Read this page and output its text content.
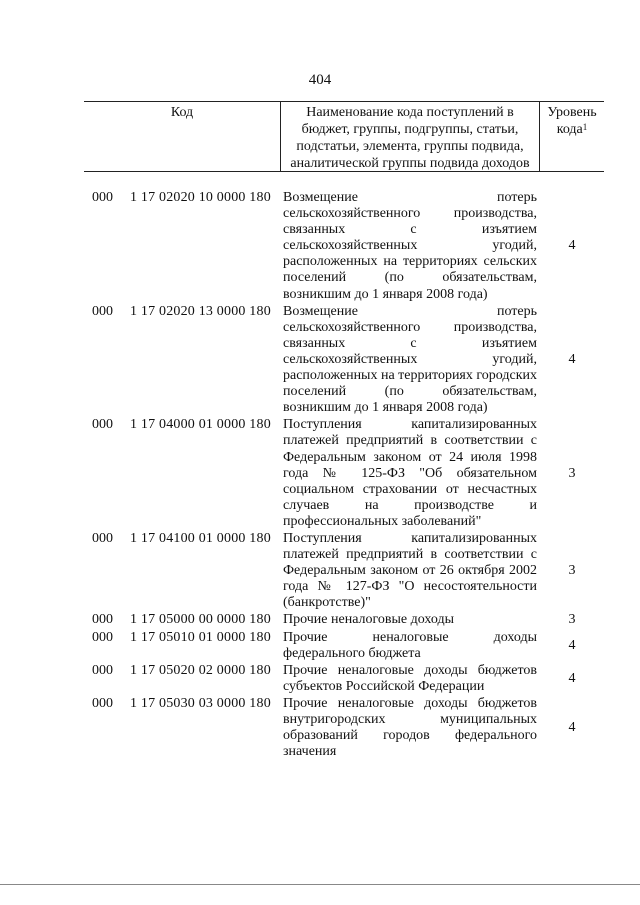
404
Код	Наименование кода поступлений в бюджет, группы, подгруппы, статьи, подстатьи, элемента, группы подвида, аналитической группы подвида доходов
Уровень кода$^1$
000 1 17 02020 10 0000 180 Возмещение потерь сельскохозяйственного производства, связанных с изъятием сельскохозяйственных угодий, расположенных на территориях сельских поселений (по обязательствам, возникшим до 1 января 2008 года)
4
000 1 17 02020 13 0000 180 Возмещение потерь сельскохозяйственного производства, связанных с изъятием сельскохозяйственных угодий, расположенных на территориях городских поселений (по обязательствам, возникшим до 1 января 2008 года)
4
000 1 17 04000 01 0000 180 Поступления капитализированных платежей предприятий в соответствии с Федеральным законом от 24 июля 1998 года № 125-ФЗ "Об обязательном социальном страховании от несчастных случаев на производстве и профессиональных заболеваний"
3
000 1 17 04100 01 0000 180 Поступления капитализированных платежей предприятий в соответствии с Федеральным законом от 26 октября 2002 года № 127-ФЗ "О несостоятельности (банкротстве)"
3
000 1 17 05000 00 0000 180 Прочие неналоговые доходы	3
000 1 17 05010 01 0000 180 Прочие неналоговые доходы федерального бюджета
4
000 1 17 05020 02 0000 180 Прочие неналоговые доходы бюджетов субъектов Российской Федерации
4
000 1 17 05030 03 0000 180 Прочие неналоговые доходы бюджетов внутригородских муниципальных образований городов федерального значения
4
